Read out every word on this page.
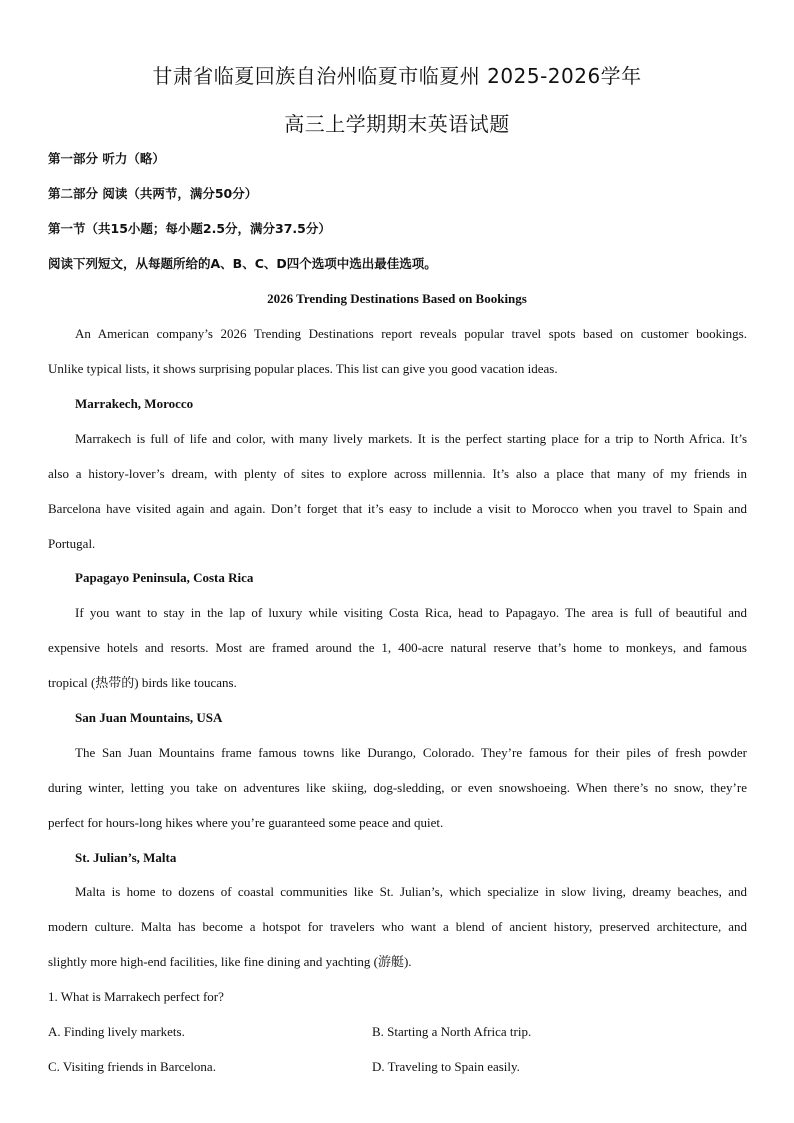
甘肃省临夏回族自治州临夏市临夏州 2025-2026学年
高三上学期期末英语试题
第一部分 听力（略）
第二部分 阅读（共两节，满分50分）
第一节（共15小题；每小题2.5分，满分37.5分）
阅读下列短文，从每题所给的A、B、C、D四个选项中选出最佳选项。
2026 Trending Destinations Based on Bookings
An American company’s 2026 Trending Destinations report reveals popular travel spots based on customer bookings.
Unlike typical lists, it shows surprising popular places. This list can give you good vacation ideas.
Marrakech, Morocco
Marrakech is full of life and color, with many lively markets. It is the perfect starting place for a trip to North Africa. It’s
also a history-lover’s dream, with plenty of sites to explore across millennia. It’s also a place that many of my friends in
Barcelona have visited again and again. Don’t forget that it’s easy to include a visit to Morocco when you travel to Spain and
Portugal.
Papagayo Peninsula, Costa Rica
If you want to stay in the lap of luxury while visiting Costa Rica, head to Papagayo. The area is full of beautiful and
expensive hotels and resorts. Most are framed around the 1, 400-acre natural reserve that’s home to monkeys, and famous
tropical (热带的) birds like toucans.
San Juan Mountains, USA
The San Juan Mountains frame famous towns like Durango, Colorado. They’re famous for their piles of fresh powder
during winter, letting you take on adventures like skiing, dog-sledding, or even snowshoeing. When there’s no snow, they’re
perfect for hours-long hikes where you’re guaranteed some peace and quiet.
St. Julian’s, Malta
Malta is home to dozens of coastal communities like St. Julian’s, which specialize in slow living, dreamy beaches, and
modern culture. Malta has become a hotspot for travelers who want a blend of ancient history, preserved architecture, and
slightly more high-end facilities, like fine dining and yachting (游艇).
1. What is Marrakech perfect for?
A. Finding lively markets.	B. Starting a North Africa trip.
C. Visiting friends in Barcelona.	D. Traveling to Spain easily.
